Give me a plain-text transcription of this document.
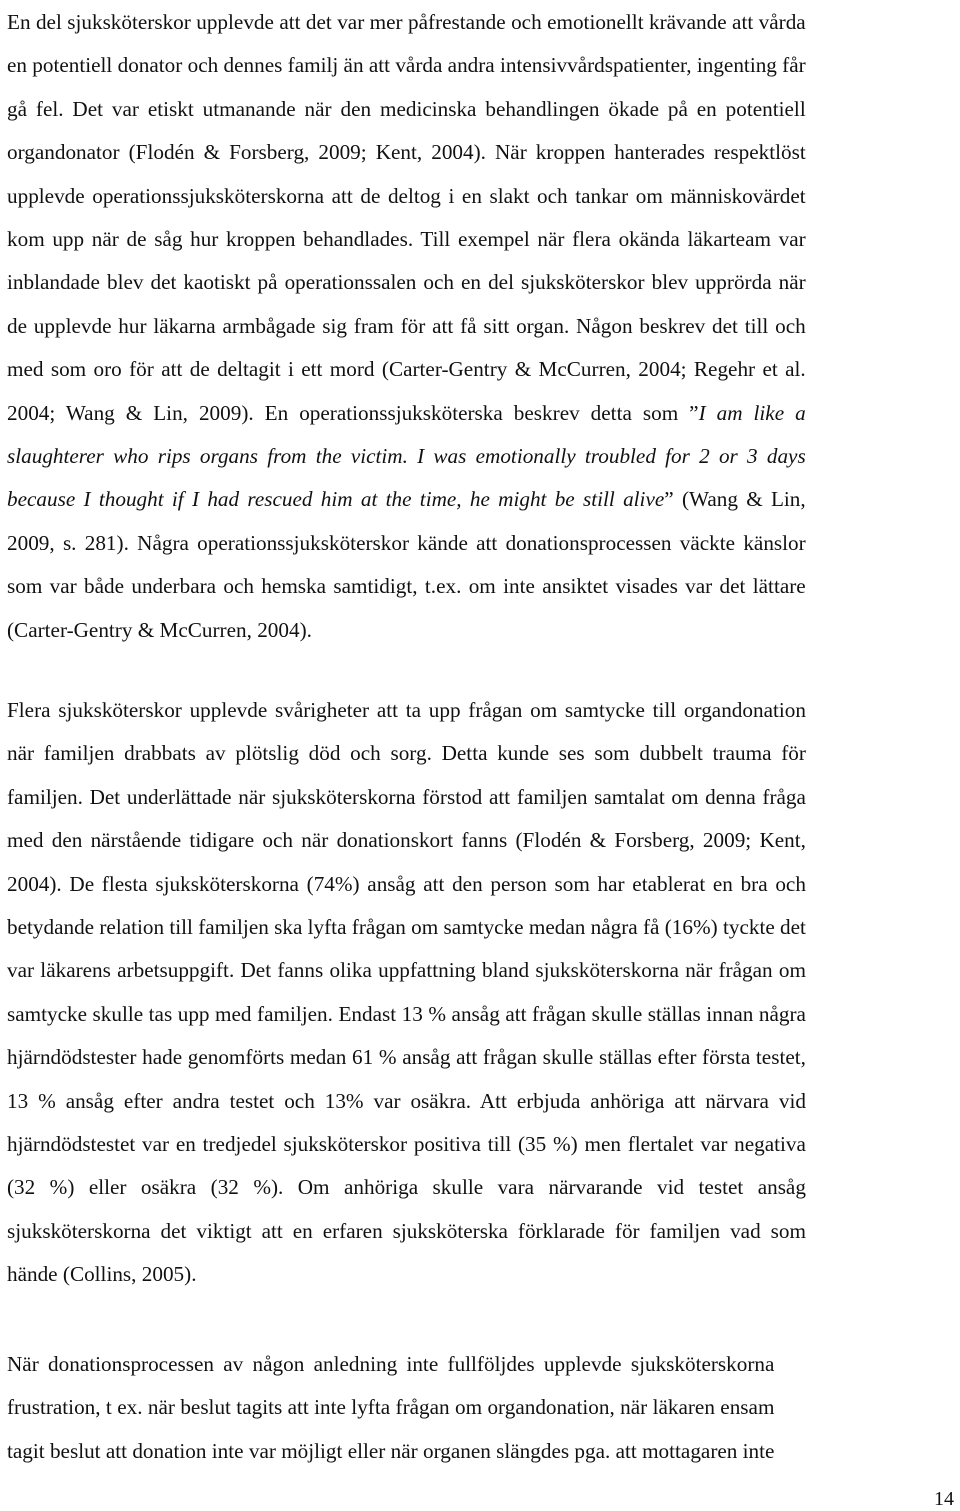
En del sjuksköterskor upplevde att det var mer påfrestande och emotionellt krävande att vårda
en potentiell donator och dennes familj än att vårda andra intensivvårdspatienter, ingenting får
gå fel. Det var etiskt utmanande när den medicinska behandlingen ökade på en potentiell
organdonator (Flodén & Forsberg, 2009; Kent, 2004). När kroppen hanterades respektlöst
upplevde operationssjuksköterskorna att de deltog i en slakt och tankar om människovärdet
kom upp när de såg hur kroppen behandlades. Till exempel när flera okända läkarteam var
inblandade blev det kaotiskt på operationssalen och en del sjuksköterskor blev upprörda när
de upplevde hur läkarna armbågade sig fram för att få sitt organ. Någon beskrev det till och
med som oro för att de deltagit i ett mord (Carter-Gentry & McCurren, 2004; Regehr et al.
2004; Wang & Lin, 2009). En operationssjuksköterska beskrev detta som ”I am like a
slaughterer who rips organs from the victim. I was emotionally troubled for 2 or 3 days
because I thought if I had rescued him at the time, he might be still alive” (Wang & Lin,
2009, s. 281). Några operationssjuksköterskor kände att donationsprocessen väckte känslor
som var både underbara och hemska samtidigt, t.ex. om inte ansiktet visades var det lättare
(Carter-Gentry & McCurren, 2004).

Flera sjuksköterskor upplevde svårigheter att ta upp frågan om samtycke till organdonation
när familjen drabbats av plötslig död och sorg. Detta kunde ses som dubbelt trauma för
familjen. Det underlättade när sjuksköterskorna förstod att familjen samtalat om denna fråga
med den närstående tidigare och när donationskort fanns (Flodén & Forsberg, 2009; Kent,
2004). De flesta sjuksköterskorna (74%) ansåg att den person som har etablerat en bra och
betydande relation till familjen ska lyfta frågan om samtycke medan några få (16%) tyckte det
var läkarens arbetsuppgift. Det fanns olika uppfattning bland sjuksköterskorna när frågan om
samtycke skulle tas upp med familjen. Endast 13 % ansåg att frågan skulle ställas innan några
hjärndödstester hade genomförts medan 61 % ansåg att frågan skulle ställas efter första testet,
13 % ansåg efter andra testet och 13% var osäkra. Att erbjuda anhöriga att närvara vid
hjärndödstestet var en tredjedel sjuksköterskor positiva till (35 %) men flertalet var negativa
(32 %) eller osäkra (32 %). Om anhöriga skulle vara närvarande vid testet ansåg
sjuksköterskorna det viktigt att en erfaren sjuksköterska förklarade för familjen vad som
hände (Collins, 2005).

När donationsprocessen av någon anledning inte fullföljdes upplevde sjuksköterskorna
frustration, t ex. när beslut tagits att inte lyfta frågan om organdonation, när läkaren ensam
tagit beslut att donation inte var möjligt eller när organen slängdes pga. att mottagaren inte

14
